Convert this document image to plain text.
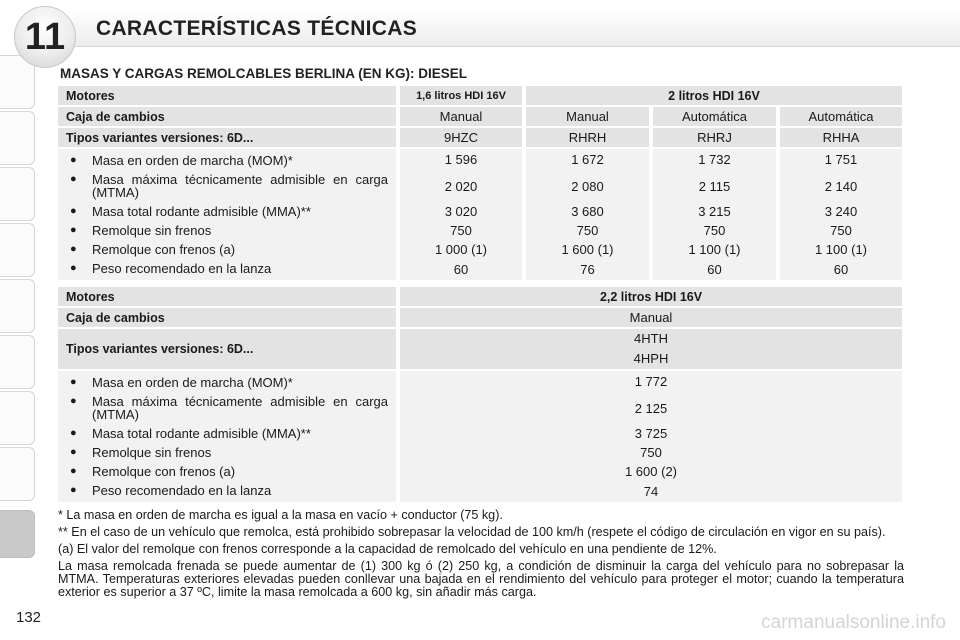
11	CARACTERÍSTICAS TÉCNICAS
MASAS Y CARGAS REMOLCABLES BERLINA (EN KG): DIESEL
Motores	1,6 litros HDI 16V	2 litros HDI 16V		
Caja de cambios	Manual	Manual	Automática	Automática
Tipos variantes versiones: 6D...	9HZC	RHRH	RHRJ	RHHA

● Masa en orden de marcha (MOM)*	1 596	1 672	1 732	1 751

● Masa máxima técnicamente admisible en carga (MTMA)	2 020	2 080	2 115	2 140

● Masa total rodante admisible (MMA)**	3 020	3 680	3 215	3 240

● Remolque sin frenos	750	750	750	750

● Remolque con frenos (a)	1 000 (1)	1 600 (1)	1 100 (1)	1 100 (1)

● Peso recomendado en la lanza	60	76	60	60
Motores	2,2 litros HDI 16V
Caja de cambios	Manual
Tipos variantes versiones: 6D...	4HTH
4HPH

● Masa en orden de marcha (MOM)*	1 772

● Masa máxima técnicamente admisible en carga (MTMA)	2 125

● Masa total rodante admisible (MMA)**	3 725

● Remolque sin frenos	750

● Remolque con frenos (a)	1 600 (2)

● Peso recomendado en la lanza	74

* La masa en orden de marcha es igual a la masa en vacío + conductor (75 kg).

** En el caso de un vehículo que remolca, está prohibido sobrepasar la velocidad de 100 km/h (respete el código de circulación en vigor en su país).

(a) El valor del remolque con frenos corresponde a la capacidad de remolcado del vehículo en una pendiente de 12%.

La masa remolcada frenada se puede aumentar de (1) 300 kg ó (2) 250 kg, a condición de disminuir la carga del vehículo para no sobrepasar la MTMA. Temperaturas exteriores elevadas pueden conllevar una bajada en el rendimiento del vehículo para proteger el motor; cuando la temperatura exterior es superior a 37 ºC, limite la masa remolcada a 600 kg, sin añadir más carga.

132	carmanualsonline.info
